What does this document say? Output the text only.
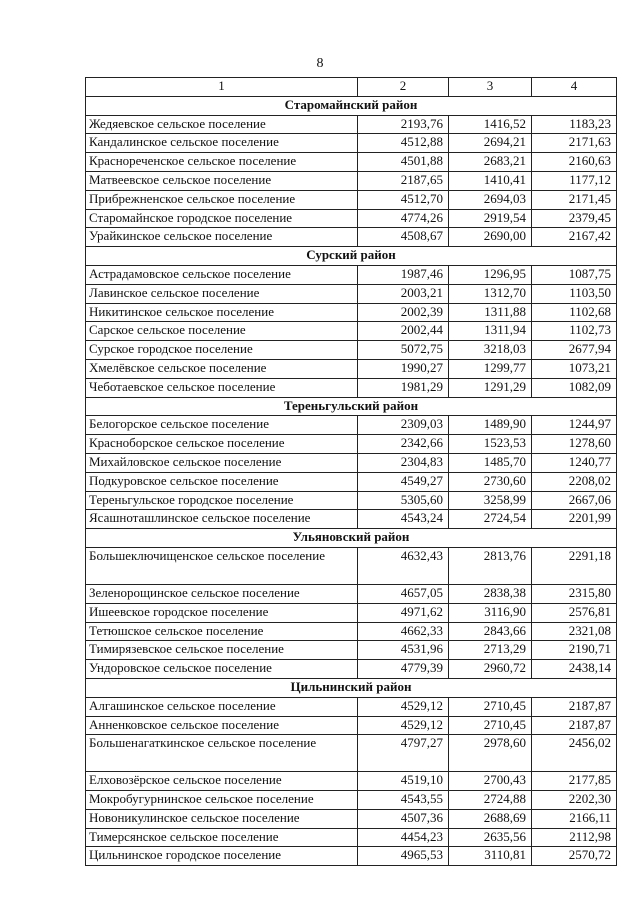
8
1	2	3	4
Старомайнский район			
Жедяевское сельское поселение	2193,76	1416,52	1183,23
Кандалинское сельское поселение	4512,88	2694,21	2171,63
Краснореченское сельское поселение	4501,88	2683,21	2160,63
Матвеевское сельское поселение	2187,65	1410,41	1177,12
Прибрежненское сельское поселение	4512,70	2694,03	2171,45
Старомайнское городское поселение	4774,26	2919,54	2379,45
Урайкинское сельское поселение	4508,67	2690,00	2167,42
Сурский район			
Астрадамовское сельское поселение	1987,46	1296,95	1087,75
Лавинское сельское поселение	2003,21	1312,70	1103,50
Никитинское сельское поселение	2002,39	1311,88	1102,68
Сарское сельское поселение	2002,44	1311,94	1102,73
Сурское городское поселение	5072,75	3218,03	2677,94
Хмелёвское сельское поселение	1990,27	1299,77	1073,21
Чеботаевское сельское поселение	1981,29	1291,29	1082,09
Тереньгульский район			
Белогорское сельское поселение	2309,03	1489,90	1244,97
Красноборское сельское поселение	2342,66	1523,53	1278,60
Михайловское сельское поселение	2304,83	1485,70	1240,77
Подкуровское сельское поселение	4549,27	2730,60	2208,02
Тереньгульское городское поселение	5305,60	3258,99	2667,06
Ясашноташлинское сельское поселение	4543,24	2724,54	2201,99
Ульяновский район			
Большеключищенское сельское поселение	4632,43	2813,76	2291,18
Зеленорощинское сельское поселение	4657,05	2838,38	2315,80
Ишеевское городское поселение	4971,62	3116,90	2576,81
Тетюшское сельское поселение	4662,33	2843,66	2321,08
Тимирязевское сельское поселение	4531,96	2713,29	2190,71
Ундоровское сельское поселение	4779,39	2960,72	2438,14
Цильнинский район			
Алгашинское сельское поселение	4529,12	2710,45	2187,87
Анненковское сельское поселение	4529,12	2710,45	2187,87
Большенагаткинское сельское поселение	4797,27	2978,60	2456,02
Елховозёрское сельское поселение	4519,10	2700,43	2177,85
Мокробугурнинское сельское поселение	4543,55	2724,88	2202,30
Новоникулинское сельское поселение	4507,36	2688,69	2166,11
Тимерсянское сельское поселение	4454,23	2635,56	2112,98
Цильнинское городское поселение	4965,53	3110,81	2570,72
